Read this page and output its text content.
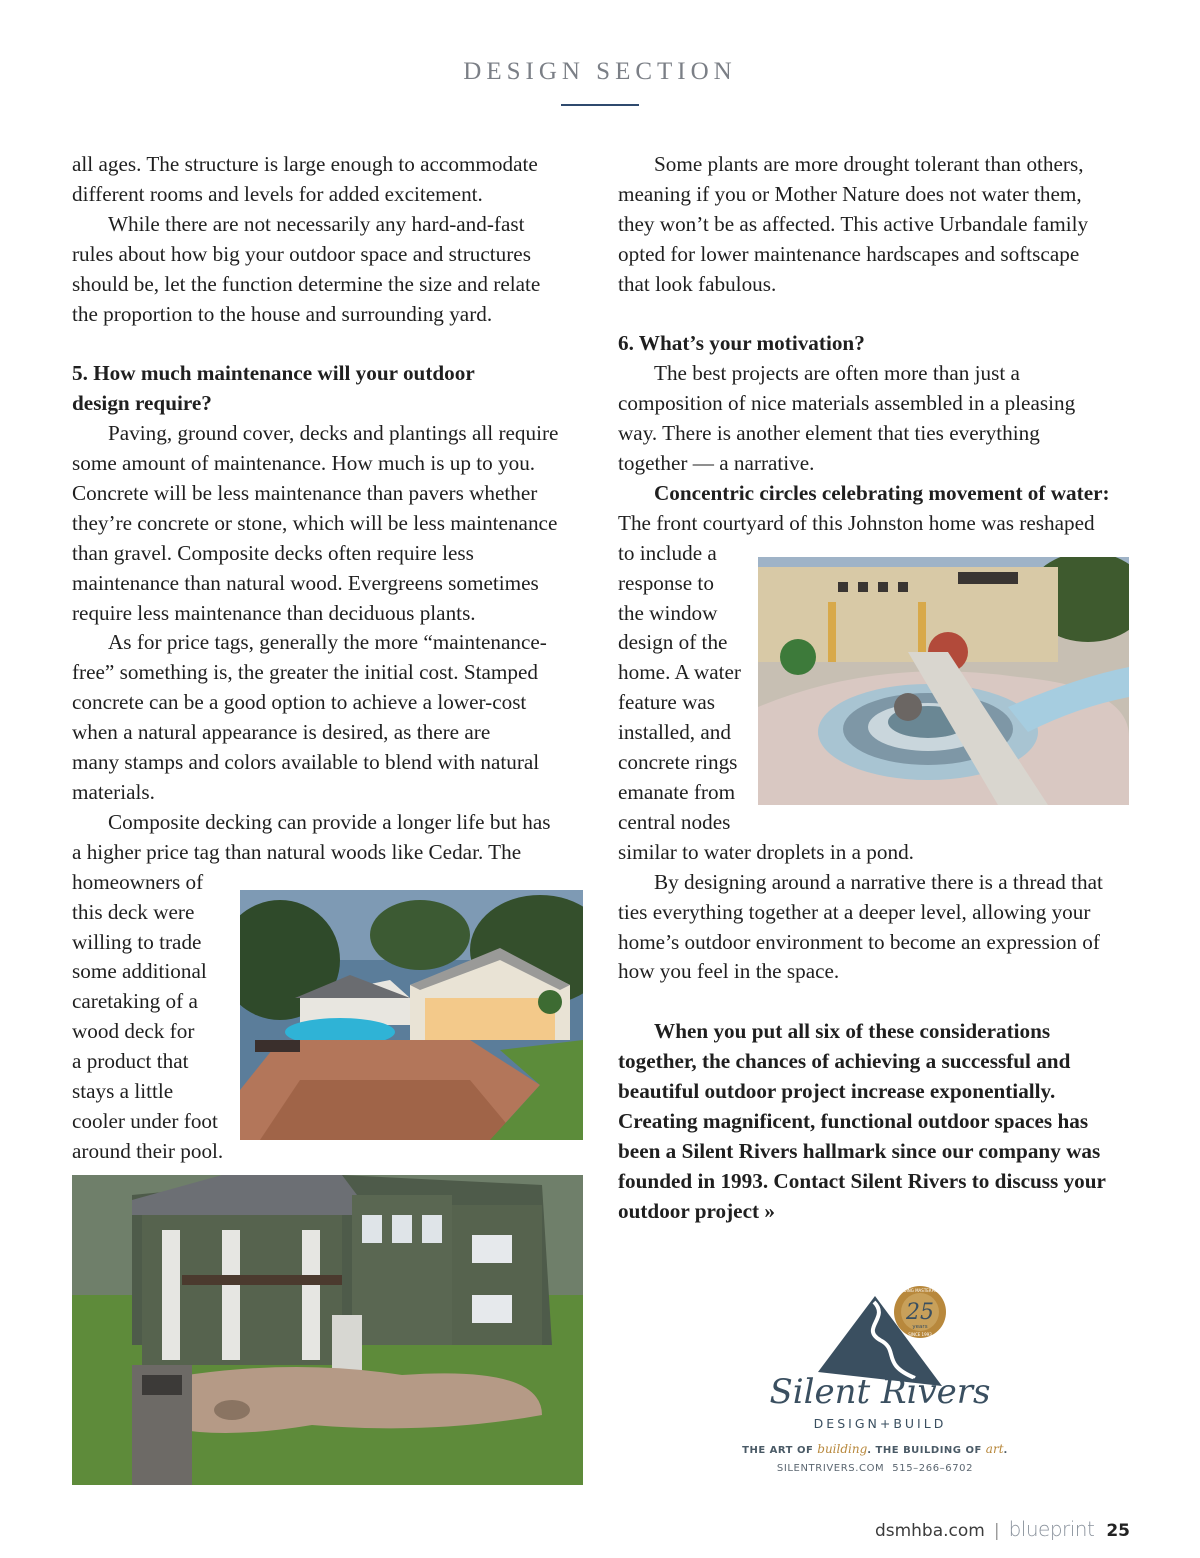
DESIGN SECTION

all ages. The structure is large enough to accommodate

different rooms and levels for added excitement.

While there are not necessarily any hard-and-fast

rules about how big your outdoor space and structures

should be, let the function determine the size and relate

the proportion to the house and surrounding yard.

5. How much maintenance will your outdoor

design require?

Paving, ground cover, decks and plantings all require

some amount of maintenance. How much is up to you.

Concrete will be less maintenance than pavers whether

they’re concrete or stone, which will be less maintenance

than gravel. Composite decks often require less

maintenance than natural wood. Evergreens sometimes

require less maintenance than deciduous plants.

As for price tags, generally the more “maintenance-

free” something is, the greater the initial cost. Stamped

concrete can be a good option to achieve a lower-cost

when a natural appearance is desired, as there are

many stamps and colors available to blend with natural

materials.

Composite decking can provide a longer life but has

a higher price tag than natural woods like Cedar. The

homeowners of

this deck were

willing to trade

some additional

caretaking of a

wood deck for

a product that

stays a little

cooler under foot

around their pool.

Some plants are more drought tolerant than others,

meaning if you or Mother Nature does not water them,

they won’t be as affected. This active Urbandale family

opted for lower maintenance hardscapes and softscape

that look fabulous.

6. What’s your motivation?

The best projects are often more than just a

composition of nice materials assembled in a pleasing

way. There is another element that ties everything

together — a narrative.

Concentric circles celebrating movement of water:

The front courtyard of this Johnston home was reshaped

to include a

response to

the window

design of the

home. A water

feature was

installed, and

concrete rings

emanate from

central nodes

similar to water droplets in a pond.

By designing around a narrative there is a thread that

ties everything together at a deeper level, allowing your

home’s outdoor environment to become an expression of

how you feel in the space.

When you put all six of these considerations

together, the chances of achieving a successful and

beautiful outdoor project increase exponentially.

Creating magnificent, functional outdoor spaces has

been a Silent Rivers hallmark since our company was

founded in 1993. Contact Silent Rivers to discuss your

outdoor project »

25
years
BUILDING MASTERPIECES
SINCE 1993
Silent Rivers
DESIGN+BUILD
THE ART OF building. THE BUILDING OF art.
SILENTRIVERS.COM 515–266–6702
dsmhba.com | blueprint 25
